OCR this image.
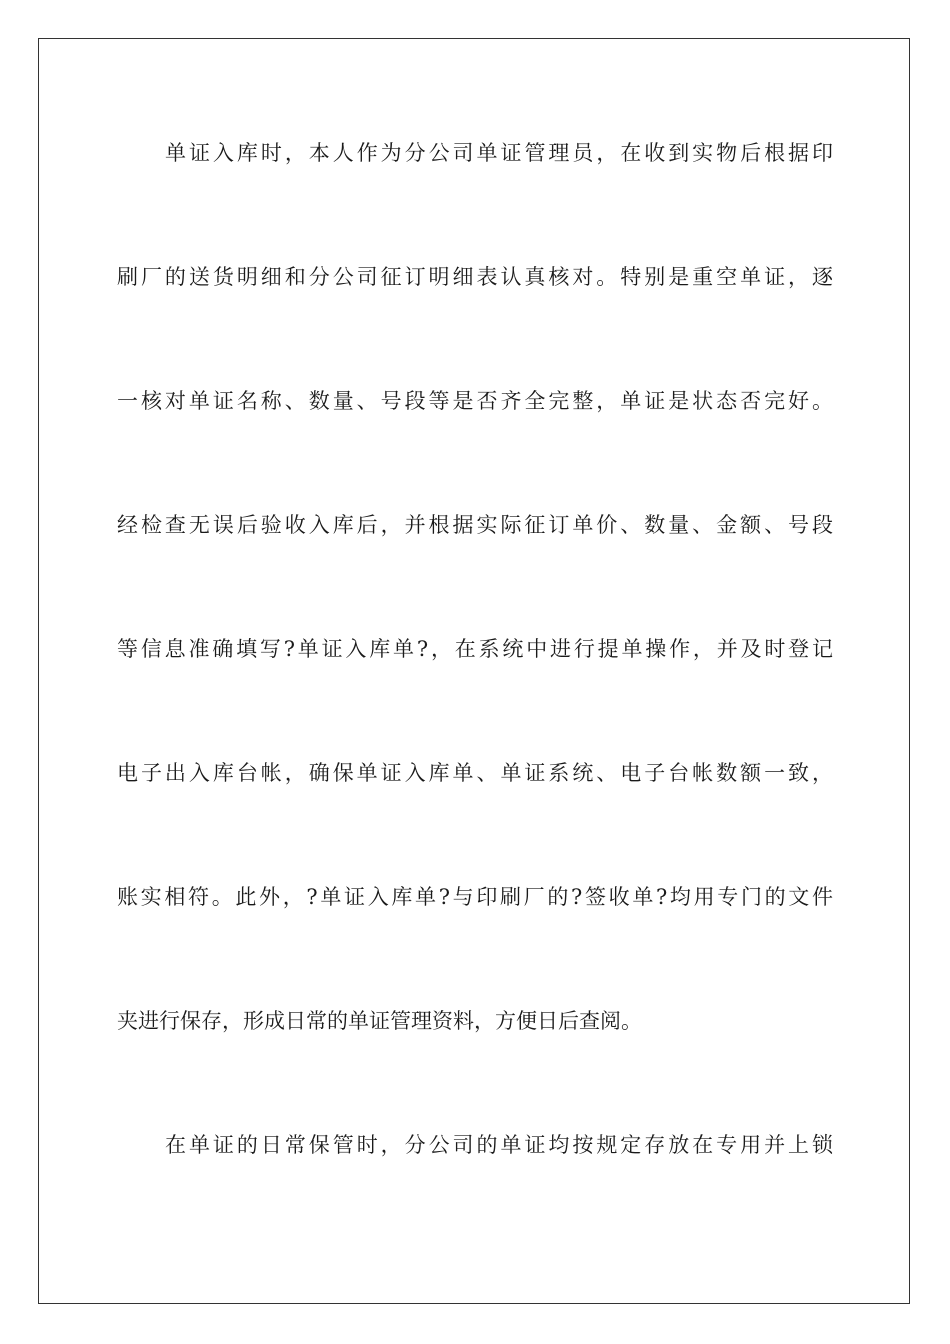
单证入库时，本人作为分公司单证管理员，在收到实物后根据印
刷厂的送货明细和分公司征订明细表认真核对。特别是重空单证，逐
一核对单证名称、数量、号段等是否齐全完整，单证是状态否完好。
经检查无误后验收入库后，并根据实际征订单价、数量、金额、号段
等信息准确填写?单证入库单?，在系统中进行提单操作，并及时登记
电子出入库台帐，确保单证入库单、单证系统、电子台帐数额一致，
账实相符。此外，?单证入库单?与印刷厂的?签收单?均用专门的文件
夹进行保存，形成日常的单证管理资料，方便日后查阅。
在单证的日常保管时，分公司的单证均按规定存放在专用并上锁
